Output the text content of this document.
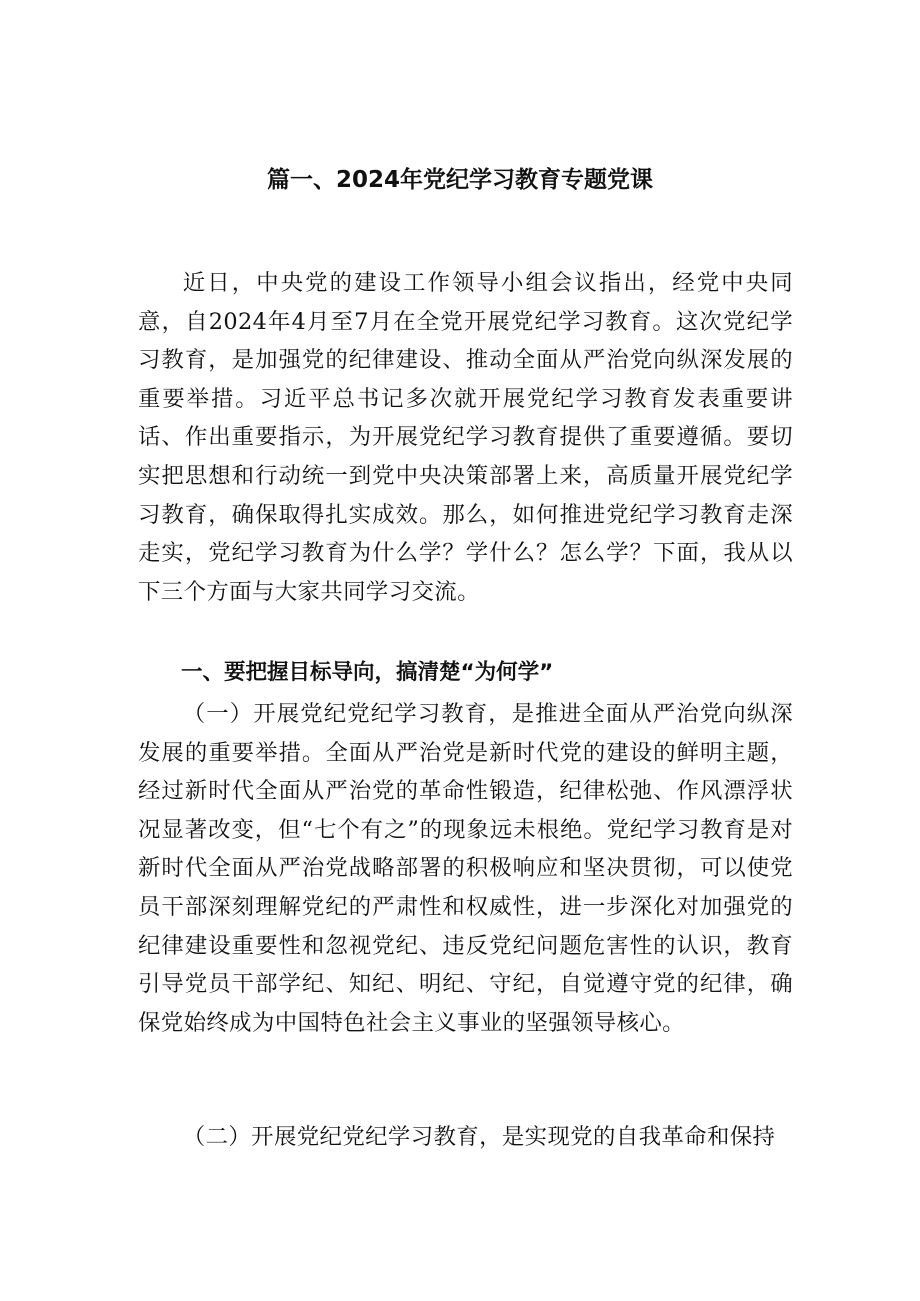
篇一、2024年党纪学习教育专题党课

近日，中央党的建设工作领导小组会议指出，经党中央同意，自2024年4月至7月在全党开展党纪学习教育。这次党纪学习教育，是加强党的纪律建设、推动全面从严治党向纵深发展的重要举措。习近平总书记多次就开展党纪学习教育发表重要讲话、作出重要指示，为开展党纪学习教育提供了重要遵循。要切实把思想和行动统一到党中央决策部署上来，高质量开展党纪学习教育，确保取得扎实成效。那么，如何推进党纪学习教育走深走实，党纪学习教育为什么学？学什么？怎么学？下面，我从以下三个方面与大家共同学习交流。

一、要把握目标导向，搞清楚“为何学”

（一）开展党纪党纪学习教育，是推进全面从严治党向纵深发展的重要举措。全面从严治党是新时代党的建设的鲜明主题，经过新时代全面从严治党的革命性锻造，纪律松弛、作风漂浮状况显著改变，但“七个有之”的现象远未根绝。党纪学习教育是对新时代全面从严治党战略部署的积极响应和坚决贯彻，可以使党员干部深刻理解党纪的严肃性和权威性，进一步深化对加强党的纪律建设重要性和忽视党纪、违反党纪问题危害性的认识，教育引导党员干部学纪、知纪、明纪、守纪，自觉遵守党的纪律，确保党始终成为中国特色社会主义事业的坚强领导核心。

（二）开展党纪党纪学习教育，是实现党的自我革命和保持
